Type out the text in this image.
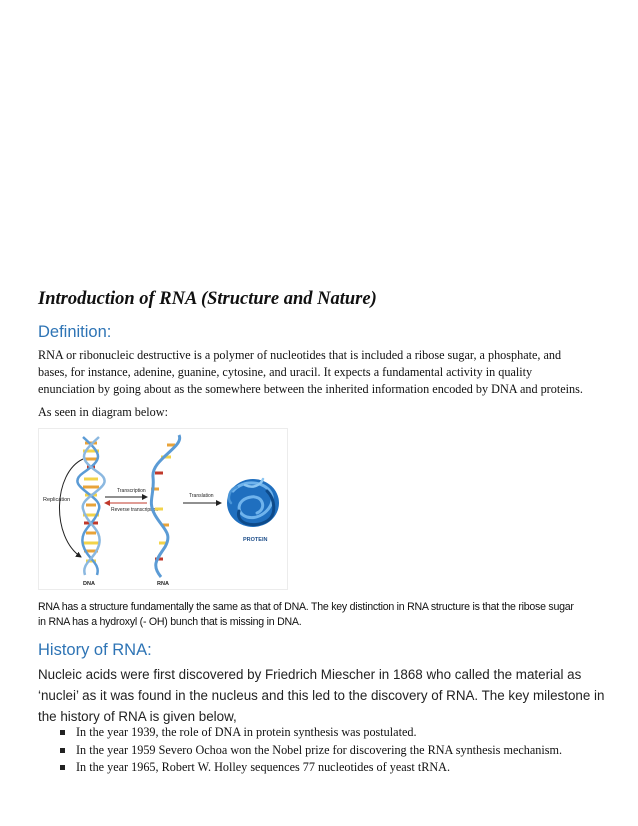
Introduction of RNA (Structure and Nature)
Definition:
RNA or ribonucleic destructive is a polymer of nucleotides that is included a ribose sugar, a phosphate, and
bases, for instance, adenine, guanine, cytosine, and uracil. It expects a fundamental activity in quality
enunciation by going about as the somewhere between the inherited information encoded by DNA and proteins.
As seen in diagram below:
Replication
Transcription
Reverse transcription
Translation
PROTEIN
DNA	RNA
RNA has a structure fundamentally the same as that of DNA. The key distinction in RNA structure is that the ribose sugar
in RNA has a hydroxyl (- OH) bunch that is missing in DNA.
History of RNA:
Nucleic acids were first discovered by Friedrich Miescher in 1868 who called the material as
‘nuclei’ as it was found in the nucleus and this led to the discovery of RNA. The key milestone in
the history of RNA is given below,
In the year 1939, the role of DNA in protein synthesis was postulated.
In the year 1959 Severo Ochoa won the Nobel prize for discovering the RNA synthesis mechanism.
In the year 1965, Robert W. Holley sequences 77 nucleotides of yeast tRNA.
